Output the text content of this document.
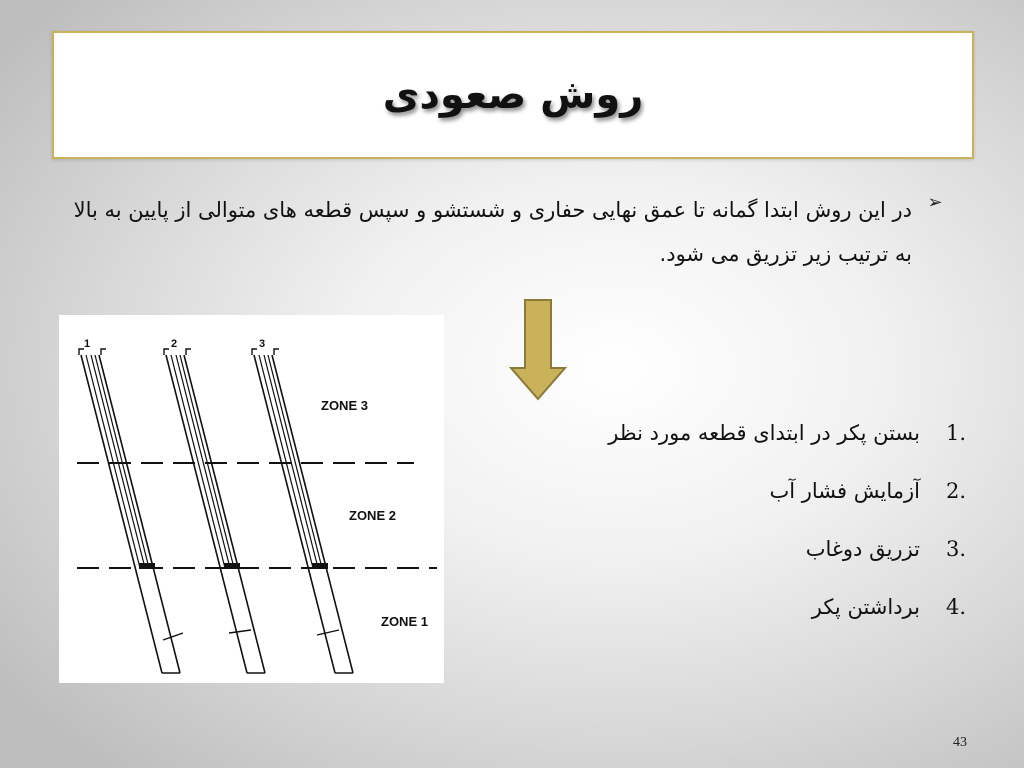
روش صعودی
➢
در این روش ابتدا گمانه تا عمق نهایی حفاری و شستشو و سپس قطعه های متوالی از پایین به بالا به ترتیب زیر تزریق می شود.
1.
بستن پکر در ابتدای قطعه مورد نظر
2.
آزمایش فشار آب
3.
تزریق دوغاب
4.
برداشتن پکر
1	2	3
ZONE 3
ZONE 2
ZONE 1
43
